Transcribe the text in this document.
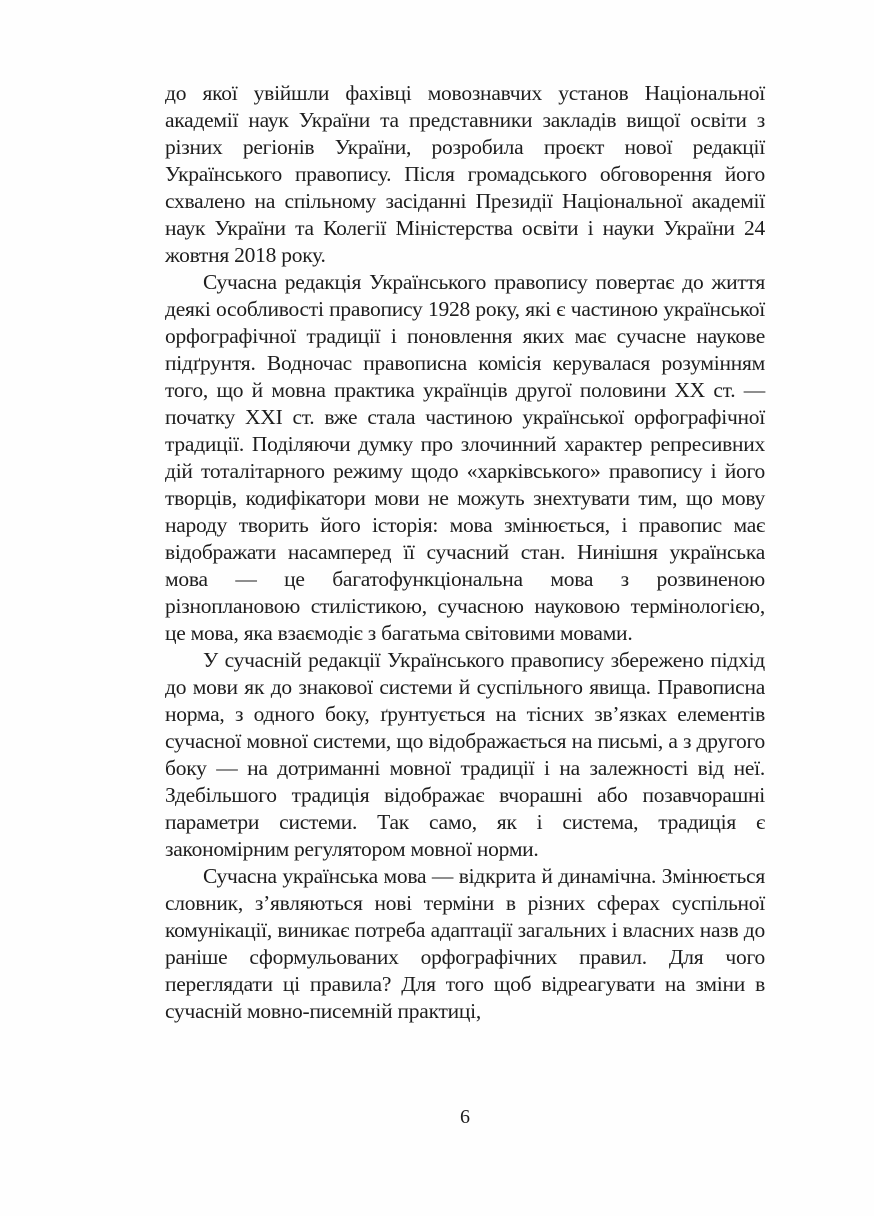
до якої увійшли фахівці мовознавчих установ Національної академії наук України та представники закладів вищої освіти з різних регіонів України, розробила проєкт нової редакції Українського правопису. Після громадського обговорення його схвалено на спільному засіданні Президії Національної академії наук України та Колегії Міністерства освіти і науки України 24 жовтня 2018 року.

Сучасна редакція Українського правопису повертає до життя деякі особливості правопису 1928 року, які є частиною української орфографічної традиції і поновлення яких має сучасне наукове підґрунтя. Водночас правописна комісія керувалася розумінням того, що й мовна практика українців другої половини XX ст. — початку XXI ст. вже стала частиною української орфографічної традиції. Поділяючи думку про злочинний характер репресивних дій тоталітарного режиму щодо «харківського» правопису і його творців, кодифікатори мови не можуть знехтувати тим, що мову народу творить його історія: мова змінюється, і правопис має відображати насамперед її сучасний стан. Нинішня українська мова — це багатофункціональна мова з розвиненою різноплановою стилістикою, сучасною науковою термінологією, це мова, яка взаємодіє з багатьма світовими мовами.

У сучасній редакції Українського правопису збережено підхід до мови як до знакової системи й суспільного явища. Правописна норма, з одного боку, ґрунтується на тісних зв’язках елементів сучасної мовної системи, що відображається на письмі, а з другого боку — на дотриманні мовної традиції і на залежності від неї. Здебільшого традиція відображає вчорашні або позавчорашні параметри системи. Так само, як і система, традиція є закономірним регулятором мовної норми.

Сучасна українська мова — відкрита й динамічна. Змінюється словник, з’являються нові терміни в різних сферах суспільної комунікації, виникає потреба адаптації загальних і власних назв до раніше сформульованих орфографічних правил. Для чого переглядати ці правила? Для того щоб відреагувати на зміни в сучасній мовно-писемній практиці,

6
